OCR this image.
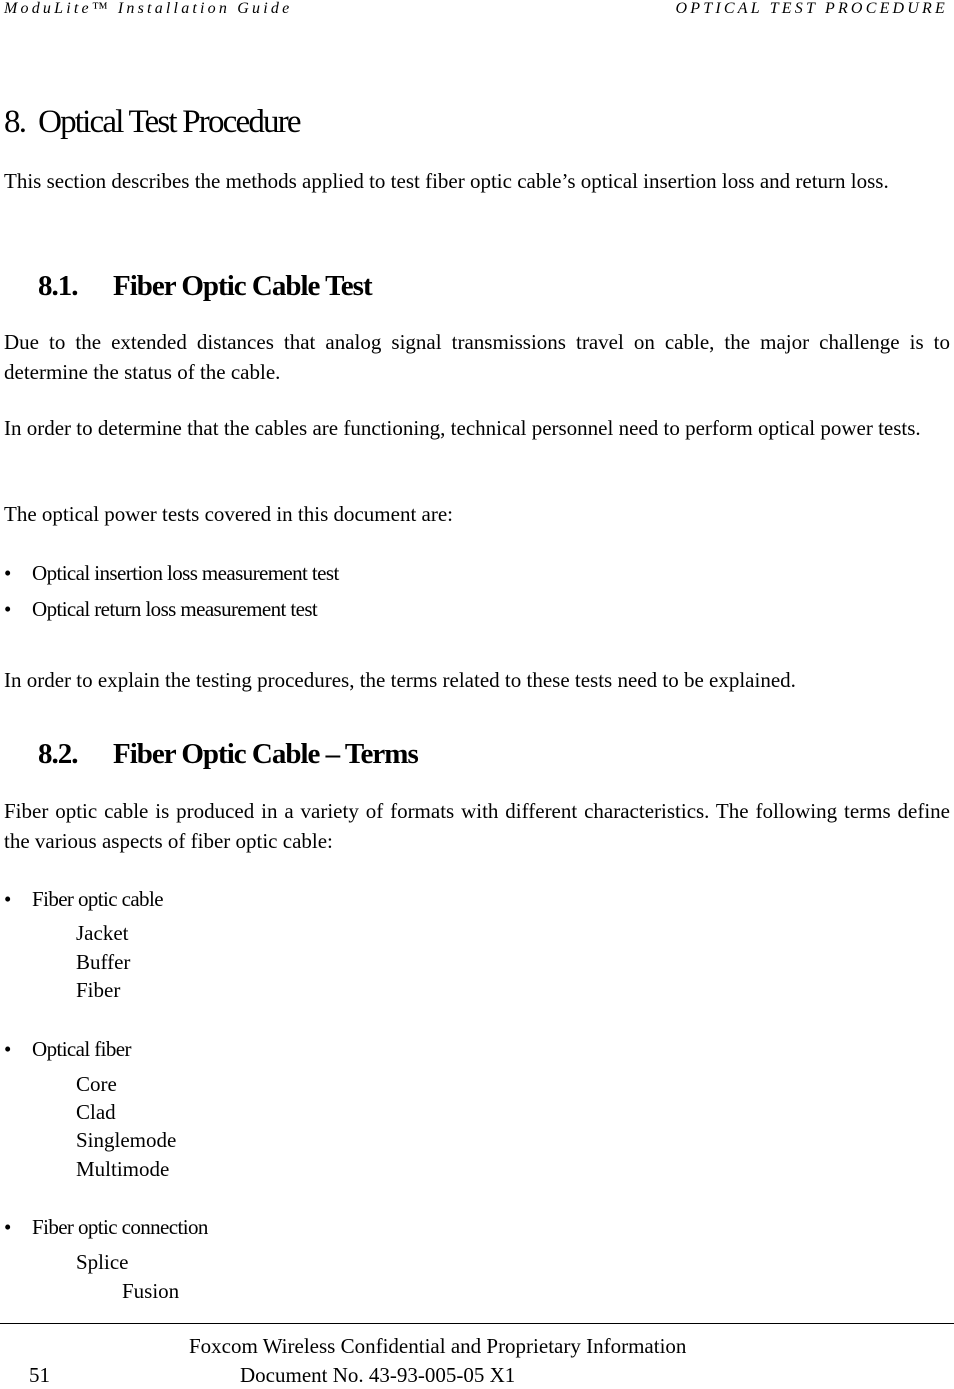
ModuLite™ Installation Guide	OPTICAL TEST PROCEDURE
8. Optical Test Procedure
This section describes the methods applied to test fiber optic cable’s optical insertion loss and return loss.
8.1. Fiber Optic Cable Test
Due to the extended distances that analog signal transmissions travel on cable, the major challenge is to determine the status of the cable.
In order to determine that the cables are functioning, technical personnel need to perform optical power tests.
The optical power tests covered in this document are:
• Optical insertion loss measurement test
• Optical return loss measurement test
In order to explain the testing procedures, the terms related to these tests need to be explained.
8.2. Fiber Optic Cable – Terms
Fiber optic cable is produced in a variety of formats with different characteristics. The following terms define the various aspects of fiber optic cable:
• Fiber optic cable
Jacket
Buffer
Fiber
• Optical fiber
Core
Clad
Singlemode
Multimode
• Fiber optic connection
Splice
Fusion
Foxcom Wireless Confidential and Proprietary Information
51	Document No. 43-93-005-05 X1
